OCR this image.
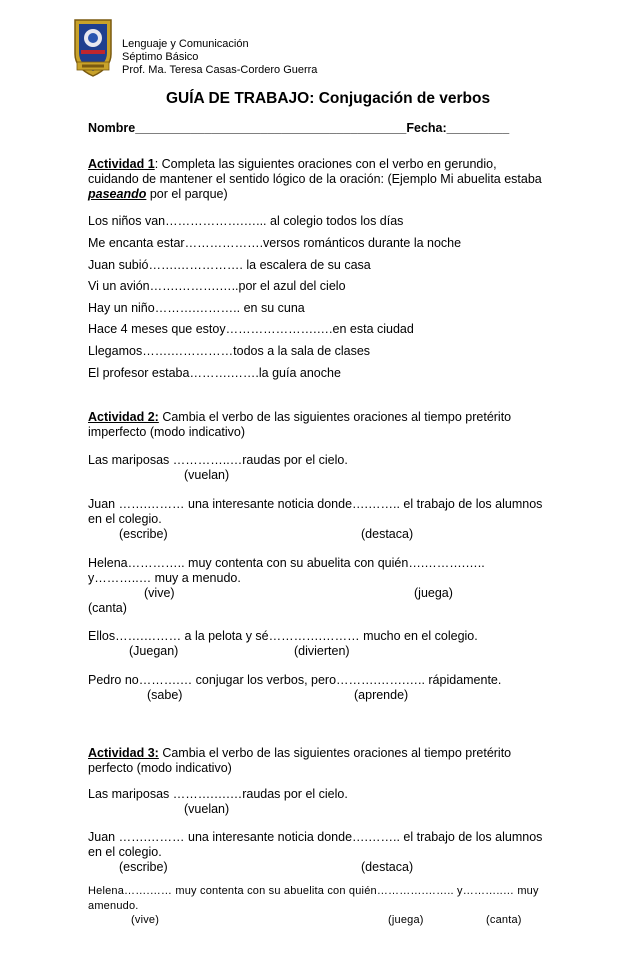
Lenguaje y Comunicación
Séptimo Básico
Prof. Ma. Teresa Casas-Cordero Guerra
GUÍA DE TRABAJO: Conjugación de verbos
Nombre_______________________________________Fecha:_________
Actividad 1: Completa las siguientes oraciones con el verbo en gerundio,
cuidando de mantener el sentido lógico de la oración: (Ejemplo Mi abuelita estaba
paseando por el parque)
Los niños van……………….…... al colegio todos los días
Me encanta estar……………….versos románticos durante la noche
Juan subió…….……………. la escalera de su casa
Vi un avión…….……….…..por el azul del cielo
Hay un niño……….……….. en su cuna
Hace 4 meses que estoy………………….….en esta ciudad
Llegamos…….……………todos a la sala de clases
El profesor estaba……….…….la guía anoche
Actividad 2: Cambia el verbo de las siguientes oraciones al tiempo pretérito
imperfecto (modo indicativo)
Las mariposas …………..…raudas por el cielo.
(vuelan)
Juan …….……… una interesante noticia donde….…….. el trabajo de los alumnos
en el colegio.
(escribe)	(destaca)
Helena………….. muy contenta con su abuelita con quién….……….…..
y………..… muy a menudo.
(vive)	(juega)
(canta)
Ellos…….……… a la pelota y sé………….……… mucho en el colegio.
(Juegan)	(divierten)
Pedro no……….… conjugar los verbos, pero……….…….….. rápidamente.
(sabe)	(aprende)
Actividad 3: Cambia el verbo de las siguientes oraciones al tiempo pretérito
perfecto (modo indicativo)
Las mariposas ……….….…raudas por el cielo.
(vuelan)
Juan …….……… una interesante noticia donde….…….. el trabajo de los alumnos
en el colegio.
(escribe)	(destaca)
Helena…….…… muy contenta con su abuelita con quién………….…….. y………..… muy
amenudo.
(vive)	(juega)	(canta)
